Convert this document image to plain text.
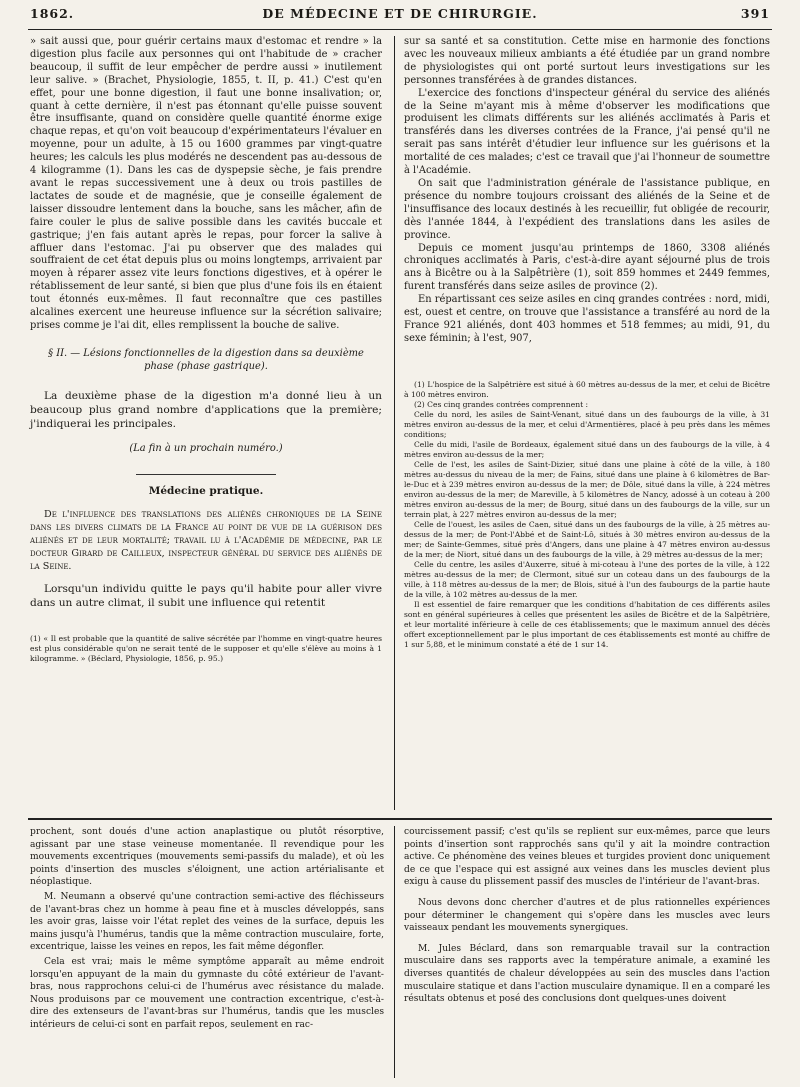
1862.	DE MÉDECINE ET DE CHIRURGIE.	391

» sait aussi que, pour guérir certains maux d'estomac et rendre » la digestion plus facile aux personnes qui ont l'habitude de » cracher beaucoup, il suffit de leur empêcher de perdre aussi » inutilement leur salive. » (Brachet, Physiologie, 1855, t. II, p. 41.) C'est qu'en effet, pour une bonne digestion, il faut une bonne insalivation; or, quant à cette dernière, il n'est pas étonnant qu'elle puisse souvent être insuffisante, quand on considère quelle quantité énorme exige chaque repas, et qu'on voit beaucoup d'expérimentateurs l'évaluer en moyenne, pour un adulte, à 15 ou 1600 grammes par vingt-quatre heures; les calculs les plus modérés ne descendent pas au-dessous de 4 kilogramme (1). Dans les cas de dyspepsie sèche, je fais prendre avant le repas successivement une à deux ou trois pastilles de lactates de soude et de magnésie, que je conseille également de laisser dissoudre lentement dans la bouche, sans les mâcher, afin de faire couler le plus de salive possible dans les cavités buccale et gastrique; j'en fais autant après le repas, pour forcer la salive à affluer dans l'estomac. J'ai pu observer que des malades qui souffraient de cet état depuis plus ou moins longtemps, arrivaient par moyen à réparer assez vite leurs fonctions digestives, et à opérer le rétablissement de leur santé, si bien que plus d'une fois ils en étaient tout étonnés eux-mêmes. Il faut reconnaître que ces pastilles alcalines exercent une heureuse influence sur la sécrétion salivaire; prises comme je l'ai dit, elles remplissent la bouche de salive.

§ II. — Lésions fonctionnelles de la digestion dans sa deuxième phase (phase gastrique).

La deuxième phase de la digestion m'a donné lieu à un beaucoup plus grand nombre d'applications que la première; j'indiquerai les principales.

(La fin à un prochain numéro.)

Médecine pratique.

De l'influence des translations des aliénés chroniques de la Seine dans les divers climats de la France au point de vue de la guérison des aliénés et de leur mortalité; travail lu à l'Académie de médecine, par le docteur Girard de Cailleux, inspecteur général du service des aliénés de la Seine.

Lorsqu'un individu quitte le pays qu'il habite pour aller vivre dans un autre climat, il subit une influence qui retentit

(1) « Il est probable que la quantité de salive sécrétée par l'homme en vingt-quatre heures est plus considérable qu'on ne serait tenté de le supposer et qu'elle s'élève au moins à 1 kilogramme. » (Béclard, Physiologie, 1856, p. 95.)

sur sa santé et sa constitution. Cette mise en harmonie des fonctions avec les nouveaux milieux ambiants a été étudiée par un grand nombre de physiologistes qui ont porté surtout leurs investigations sur les personnes transférées à de grandes distances.

L'exercice des fonctions d'inspecteur général du service des aliénés de la Seine m'ayant mis à même d'observer les modifications que produisent les climats différents sur les aliénés acclimatés à Paris et transférés dans les diverses contrées de la France, j'ai pensé qu'il ne serait pas sans intérêt d'étudier leur influence sur les guérisons et la mortalité de ces malades; c'est ce travail que j'ai l'honneur de soumettre à l'Académie.

On sait que l'administration générale de l'assistance publique, en présence du nombre toujours croissant des aliénés de la Seine et de l'insuffisance des locaux destinés à les recueillir, fut obligée de recourir, dès l'année 1844, à l'expédient des translations dans les asiles de province.

Depuis ce moment jusqu'au printemps de 1860, 3308 aliénés chroniques acclimatés à Paris, c'est-à-dire ayant séjourné plus de trois ans à Bicêtre ou à la Salpêtrière (1), soit 859 hommes et 2449 femmes, furent transférés dans seize asiles de province (2).

En répartissant ces seize asiles en cinq grandes contrées : nord, midi, est, ouest et centre, on trouve que l'assistance a transféré au nord de la France 921 aliénés, dont 403 hommes et 518 femmes; au midi, 91, du sexe féminin; à l'est, 907,

(1) L'hospice de la Salpêtrière est situé à 60 mètres au-dessus de la mer, et celui de Bicêtre à 100 mètres environ.

(2) Ces cinq grandes contrées comprennent :

Celle du nord, les asiles de Saint-Venant, situé dans un des faubourgs de la ville, à 31 mètres environ au-dessus de la mer, et celui d'Armentières, placé à peu près dans les mêmes conditions;

Celle du midi, l'asile de Bordeaux, également situé dans un des faubourgs de la ville, à 4 mètres environ au-dessus de la mer;

Celle de l'est, les asiles de Saint-Dizier, situé dans une plaine à côté de la ville, à 180 mètres au-dessus du niveau de la mer; de Fains, situé dans une plaine à 6 kilomètres de Bar-le-Duc et à 239 mètres environ au-dessus de la mer; de Dôle, situé dans la ville, à 224 mètres environ au-dessus de la mer; de Mareville, à 5 kilomètres de Nancy, adossé à un coteau à 200 mètres environ au-dessus de la mer; de Bourg, situé dans un des faubourgs de la ville, sur un terrain plat, à 227 mètres environ au-dessus de la mer;

Celle de l'ouest, les asiles de Caen, situé dans un des faubourgs de la ville, à 25 mètres au-dessus de la mer; de Pont-l'Abbé et de Saint-Lô, situés à 30 mètres environ au-dessus de la mer; de Sainte-Gemmes, situé près d'Angers, dans une plaine à 47 mètres environ au-dessus de la mer; de Niort, situé dans un des faubourgs de la ville, à 29 mètres au-dessus de la mer;

Celle du centre, les asiles d'Auxerre, situé à mi-coteau à l'une des portes de la ville, à 122 mètres au-dessus de la mer; de Clermont, situé sur un coteau dans un des faubourgs de la ville, à 118 mètres au-dessus de la mer; de Blois, situé à l'un des faubourgs de la partie haute de la ville, à 102 mètres au-dessus de la mer.

Il est essentiel de faire remarquer que les conditions d'habitation de ces différents asiles sont en général supérieures à celles que présentent les asiles de Bicêtre et de la Salpêtrière, et leur mortalité inférieure à celle de ces établissements; que le maximum annuel des décès offert exceptionnellement par le plus important de ces établissements est monté au chiffre de 1 sur 5,88, et le minimum constaté a été de 1 sur 14.

prochent, sont doués d'une action anaplastique ou plutôt résorptive, agissant par une stase veineuse momentanée. Il revendique pour les mouvements excentriques (mouvements semi-passifs du malade), et où les points d'insertion des muscles s'éloignent, une action artérialisante et néoplastique.

M. Neumann a observé qu'une contraction semi-active des fléchisseurs de l'avant-bras chez un homme à peau fine et à muscles développés, sans les avoir gras, laisse voir l'état replet des veines de la surface, depuis les mains jusqu'à l'humérus, tandis que la même contraction musculaire, forte, excentrique, laisse les veines en repos, les fait même dégonfler.

Cela est vrai; mais le même symptôme apparaît au même endroit lorsqu'en appuyant de la main du gymnaste du côté extérieur de l'avant-bras, nous rapprochons celui-ci de l'humérus avec résistance du malade. Nous produisons par ce mouvement une contraction excentrique, c'est-à-dire des extenseurs de l'avant-bras sur l'humérus, tandis que les muscles intérieurs de celui-ci sont en parfait repos, seulement en rac-

courcissement passif; c'est qu'ils se replient sur eux-mêmes, parce que leurs points d'insertion sont rapprochés sans qu'il y ait la moindre contraction active. Ce phénomène des veines bleues et turgides provient donc uniquement de ce que l'espace qui est assigné aux veines dans les muscles devient plus exigu à cause du plissement passif des muscles de l'intérieur de l'avant-bras.

Nous devons donc chercher d'autres et de plus rationnelles expériences pour déterminer le changement qui s'opère dans les muscles avec leurs vaisseaux pendant les mouvements synergiques.

M. Jules Béclard, dans son remarquable travail sur la contraction musculaire dans ses rapports avec la température animale, a examiné les diverses quantités de chaleur développées au sein des muscles dans l'action musculaire statique et dans l'action musculaire dynamique. Il en a comparé les résultats obtenus et posé des conclusions dont quelques-unes doivent
